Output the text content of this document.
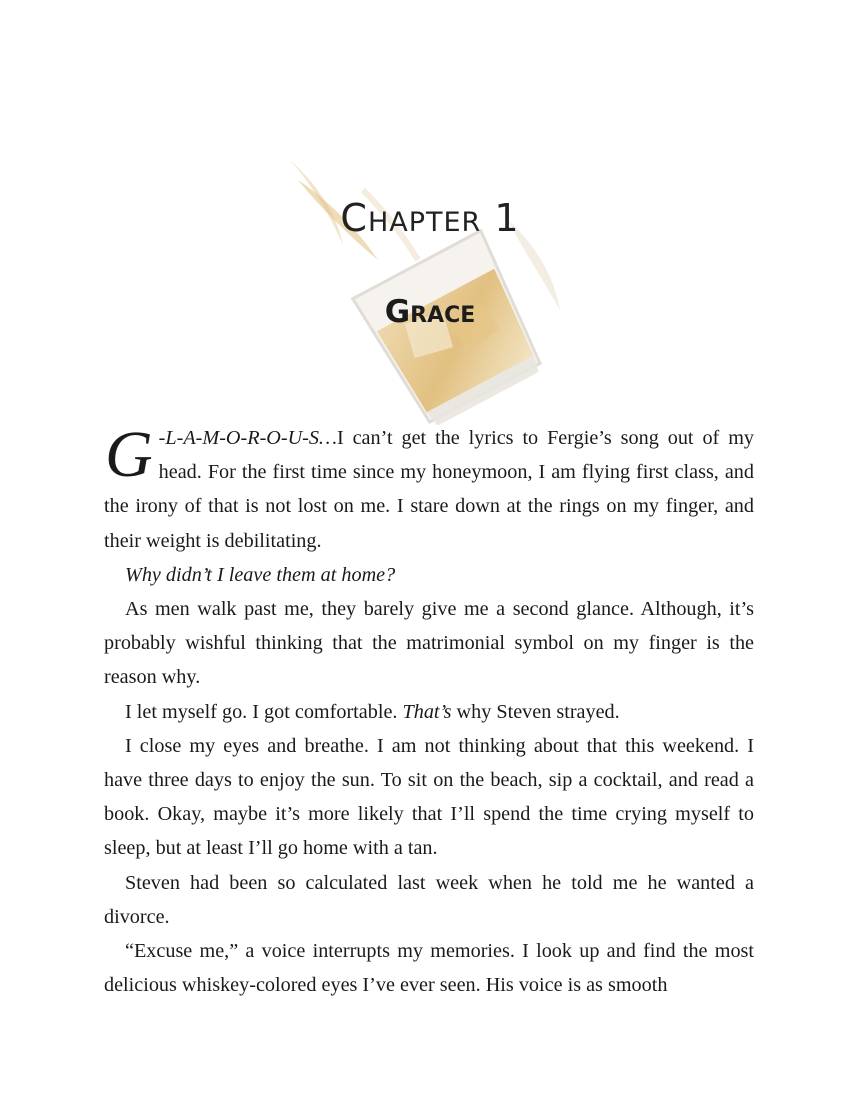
Chapter 1
Grace

G -L-A-M-O-R-O-U-S…I can’t get the lyrics to Fergie’s song out of my head. For the first time since my honeymoon, I am flying first class, and the irony of that is not lost on me. I stare down at the rings on my finger, and their weight is debilitating.

Why didn’t I leave them at home?

As men walk past me, they barely give me a second glance. Although, it’s probably wishful thinking that the matrimonial symbol on my finger is the reason why.

I let myself go. I got comfortable. That’s why Steven strayed.

I close my eyes and breathe. I am not thinking about that this weekend. I have three days to enjoy the sun. To sit on the beach, sip a cocktail, and read a book. Okay, maybe it’s more likely that I’ll spend the time crying myself to sleep, but at least I’ll go home with a tan.

Steven had been so calculated last week when he told me he wanted a divorce.

“Excuse me,” a voice interrupts my memories. I look up and find the most delicious whiskey-colored eyes I’ve ever seen. His voice is as smooth
